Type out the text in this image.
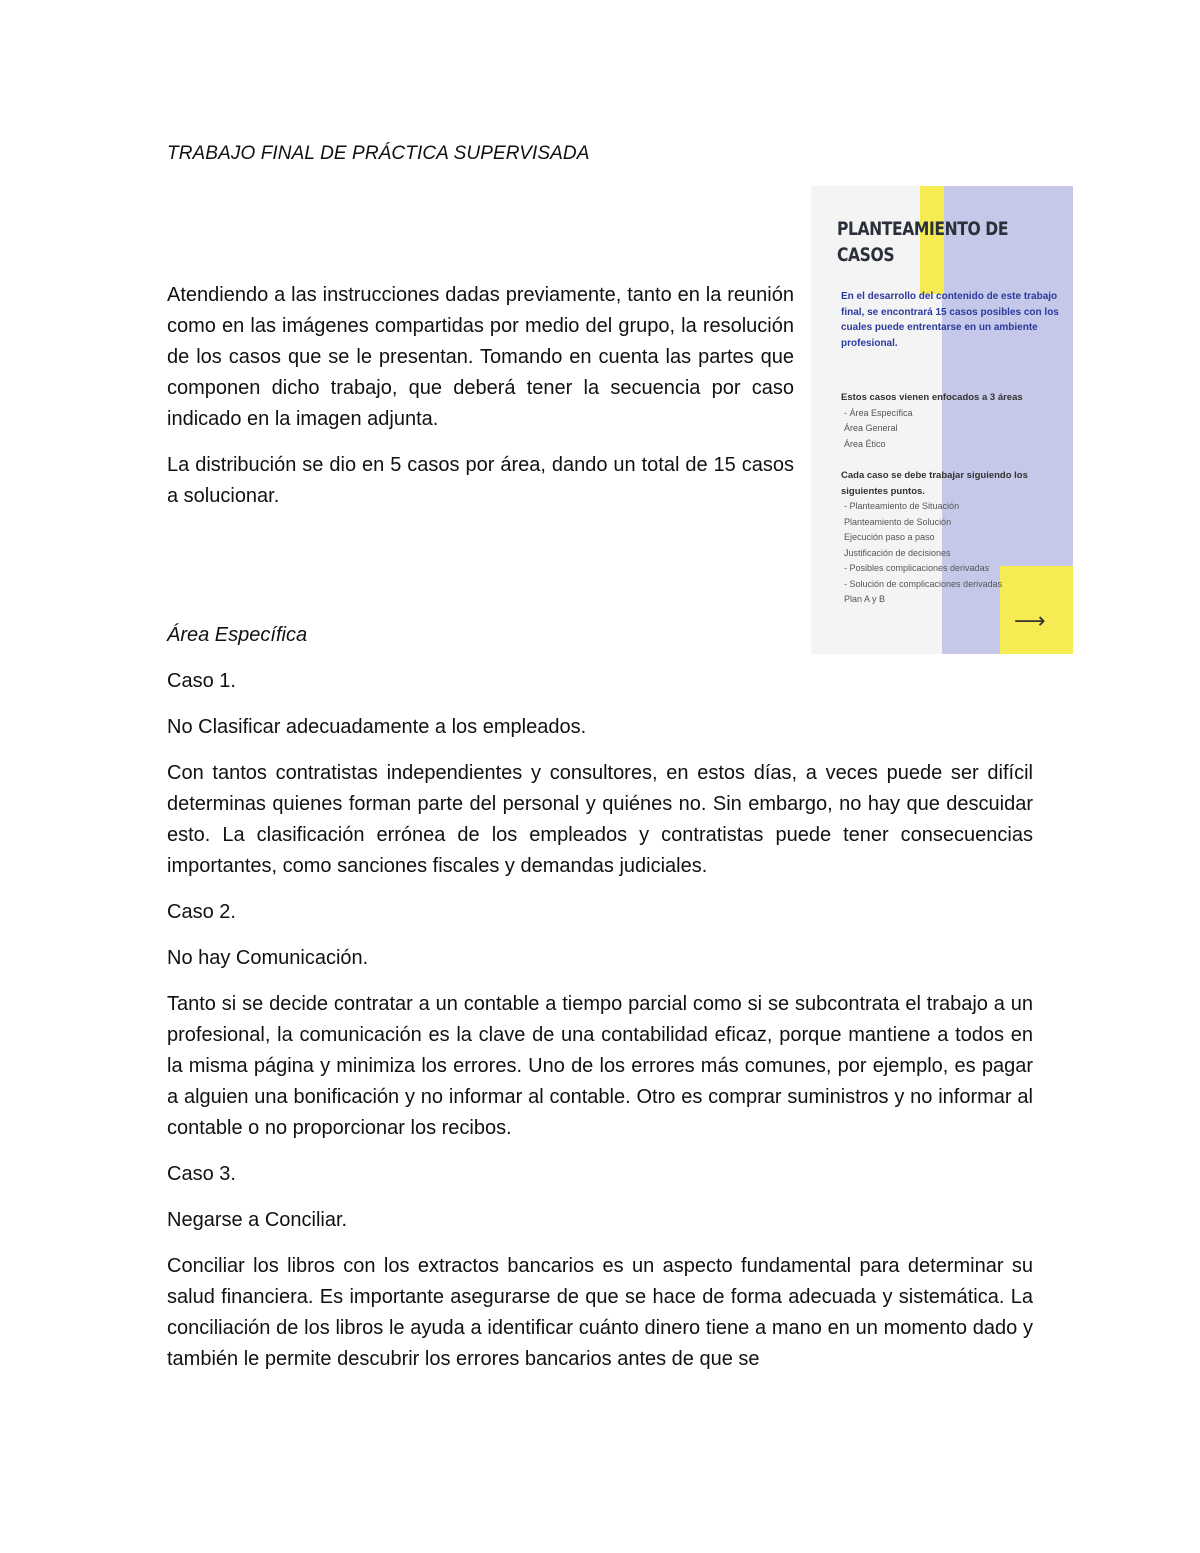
TRABAJO FINAL DE PRÁCTICA SUPERVISADA

Atendiendo a las instrucciones dadas previamente, tanto en la reunión como en las imágenes compartidas por medio del grupo, la resolución de los casos que se le presentan. Tomando en cuenta las partes que componen dicho trabajo, que deberá tener la secuencia por caso indicado en la imagen adjunta.

La distribución se dio en 5 casos por área, dando un total de 15 casos a solucionar.

PLANTEAMIENTO DE
CASOS
En el desarrollo del contenido de este trabajo final, se encontrará 15 casos posibles con los cuales puede entrentarse en un ambiente profesional.
Estos casos vienen enfocados a 3 áreas
- Área Específica
Área General
Área Ético
Cada caso se debe trabajar siguiendo los siguientes puntos.
- Planteamiento de Situación
Planteamiento de Solución
Ejecución paso a paso
Justificación de decisiones
- Posibles complicaciones derivadas
- Solución de complicaciones derivadas
Plan A y B
⟶

Área Específica

Caso 1.

No Clasificar adecuadamente a los empleados.

Con tantos contratistas independientes y consultores, en estos días, a veces puede ser difícil determinas quienes forman parte del personal y quiénes no. Sin embargo, no hay que descuidar esto. La clasificación errónea de los empleados y contratistas puede tener consecuencias importantes, como sanciones fiscales y demandas judiciales.

Caso 2.

No hay Comunicación.

Tanto si se decide contratar a un contable a tiempo parcial como si se subcontrata el trabajo a un profesional, la comunicación es la clave de una contabilidad eficaz, porque mantiene a todos en la misma página y minimiza los errores. Uno de los errores más comunes, por ejemplo, es pagar a alguien una bonificación y no informar al contable. Otro es comprar suministros y no informar al contable o no proporcionar los recibos.

Caso 3.

Negarse a Conciliar.

Conciliar los libros con los extractos bancarios es un aspecto fundamental para determinar su salud financiera. Es importante asegurarse de que se hace de forma adecuada y sistemática. La conciliación de los libros le ayuda a identificar cuánto dinero tiene a mano en un momento dado y también le permite descubrir los errores bancarios antes de que se
